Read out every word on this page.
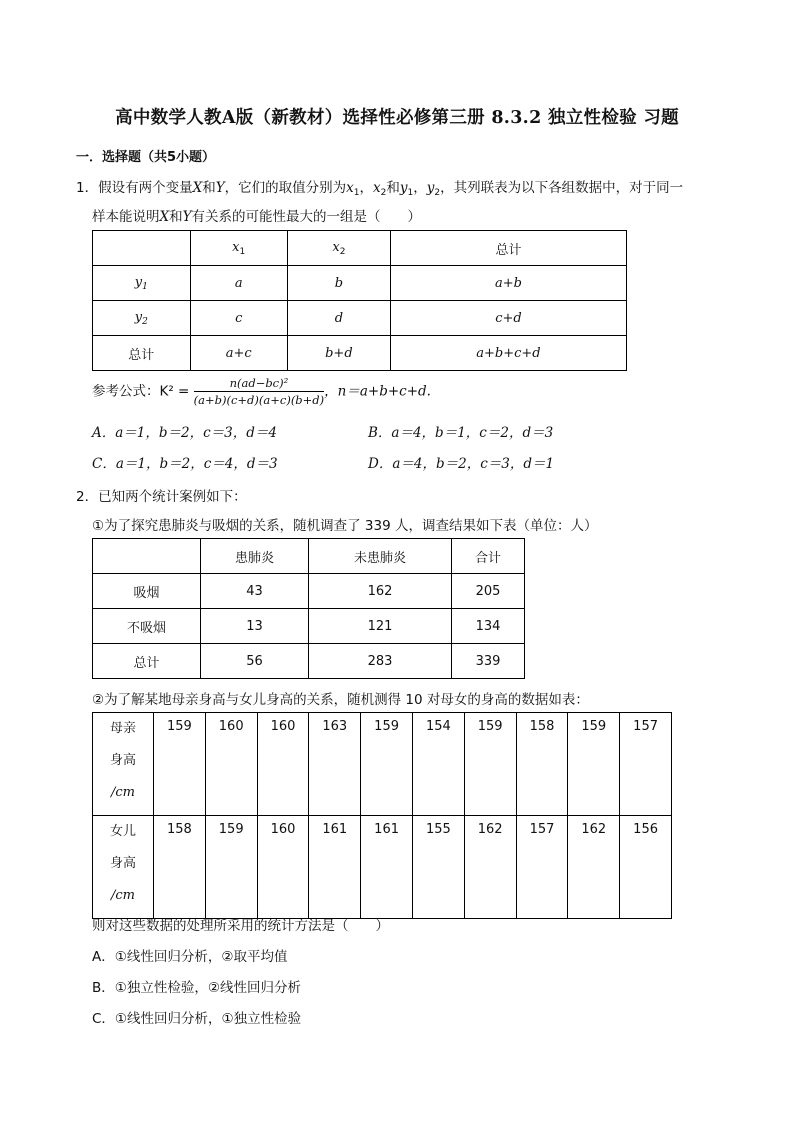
高中数学人教A版（新教材）选择性必修第三册 8.3.2 独立性检验 习题
一．选择题（共5小题）
1．假设有两个变量X和Y，它们的取值分别为$x_1$，$x_2$和$y_1$，$y_2$，其列联表为以下各组数据中，对于同一
样本能说明X和Y有关系的可能性最大的一组是（　　）
	$x_1$	$x_2$	总计
$y_1$	a	b	a+b
$y_2$	c	d	c+d
总计	a+c	b+d	a+b+c+d
参考公式：$K^2 = \frac{\text{n(ad−bc)²}}{(a+b)(c+d)(a+c)(b+d)}$ ，n＝a+b+c+d.
A．a＝1，b＝2，c＝3，d＝4	B．a＝4，b＝1，c＝2，d＝3
C．a＝1，b＝2，c＝4，d＝3	D．a＝4，b＝2，c＝3，d＝1
2．已知两个统计案例如下：
①为了探究患肺炎与吸烟的关系，随机调查了 339 人，调查结果如下表（单位：人）
	患肺炎	未患肺炎	合计
吸烟	43	162	205
不吸烟	13	121	134
总计	56	283	339
②为了解某地母亲身高与女儿身高的关系，随机测得 10 对母女的身高的数据如表：
母亲
身高
/cm	159	160	160	163	159	154	159	158	159	157

女儿
身高
/cm	158	159	160	161	161	155	162	157	162	156
则对这些数据的处理所采用的统计方法是（　　）
A．①线性回归分析，②取平均值
B．①独立性检验，②线性回归分析
C．①线性回归分析，①独立性检验
